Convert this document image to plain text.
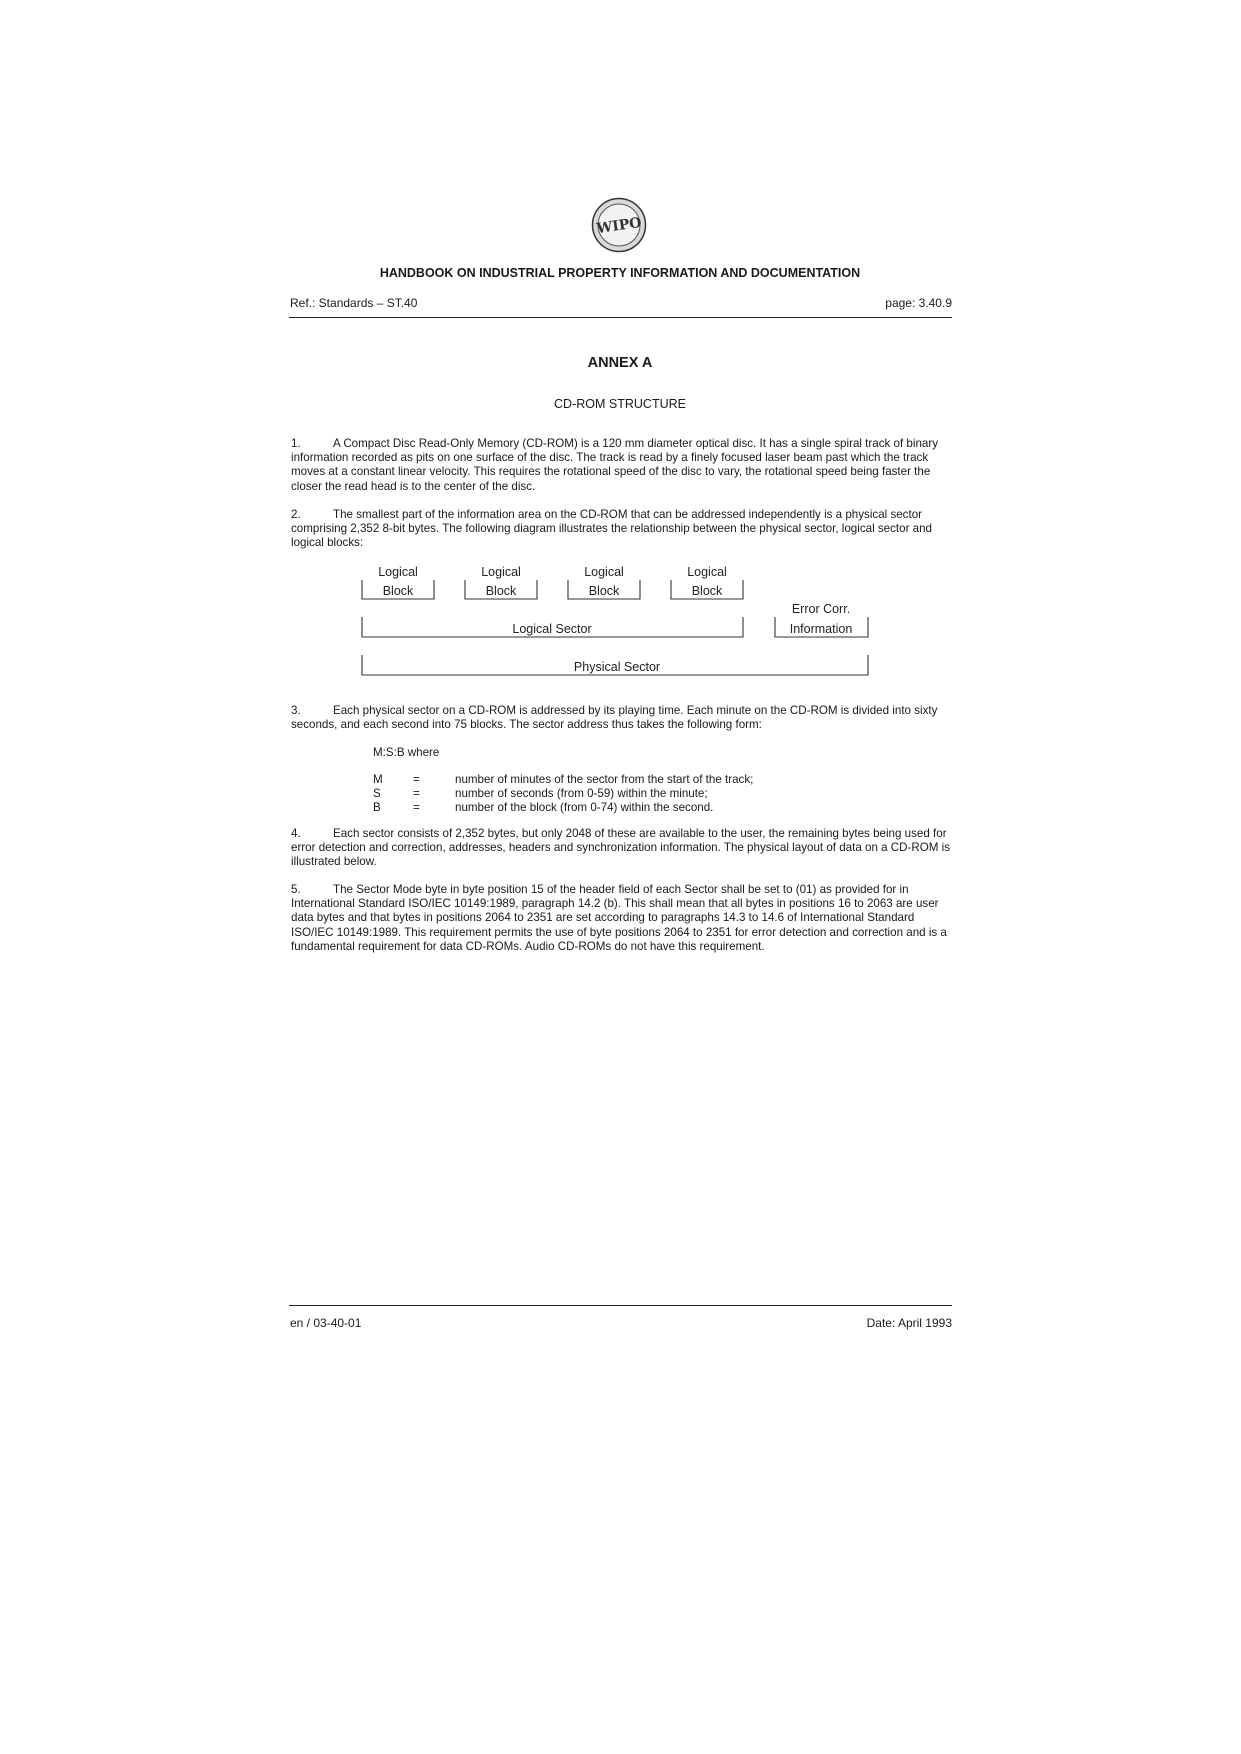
WIPO
HANDBOOK ON INDUSTRIAL PROPERTY INFORMATION AND DOCUMENTATION
Ref.: Standards – ST.40	page: 3.40.9
ANNEX A
CD-ROM STRUCTURE

1.	A Compact Disc Read-Only Memory (CD-ROM) is a 120 mm diameter optical disc. It has a single spiral track of binary information recorded as pits on one surface of the disc. The track is read by a finely focused laser beam past which the track moves at a constant linear velocity. This requires the rotational speed of the disc to vary, the rotational speed being faster the closer the read head is to the center of the disc.

2.	The smallest part of the information area on the CD-ROM that can be addressed independently is a physical sector comprising 2,352 8-bit bytes. The following diagram illustrates the relationship between the physical sector, logical sector and logical blocks:

Logical
Block
Logical
Block
Logical
Block
Logical
Block
Logical Sector
Error Corr.
Information
Physical Sector

3.	Each physical sector on a CD-ROM is addressed by its playing time. Each minute on the CD-ROM is divided into sixty seconds, and each second into 75 blocks. The sector address thus takes the following form:

M:S:B where
M	=	number of minutes of the sector from the start of the track;
S	=	number of seconds (from 0-59) within the minute;
B	=	number of the block (from 0-74) within the second.

4.	Each sector consists of 2,352 bytes, but only 2048 of these are available to the user, the remaining bytes being used for error detection and correction, addresses, headers and synchronization information. The physical layout of data on a CD-ROM is illustrated below.

5.	The Sector Mode byte in byte position 15 of the header field of each Sector shall be set to (01) as provided for in International Standard ISO/IEC 10149:1989, paragraph 14.2 (b). This shall mean that all bytes in positions 16 to 2063 are user data bytes and that bytes in positions 2064 to 2351 are set according to paragraphs 14.3 to 14.6 of International Standard ISO/IEC 10149:1989. This requirement permits the use of byte positions 2064 to 2351 for error detection and correction and is a fundamental requirement for data CD-ROMs. Audio CD-ROMs do not have this requirement.

en / 03-40-01	Date: April 1993
